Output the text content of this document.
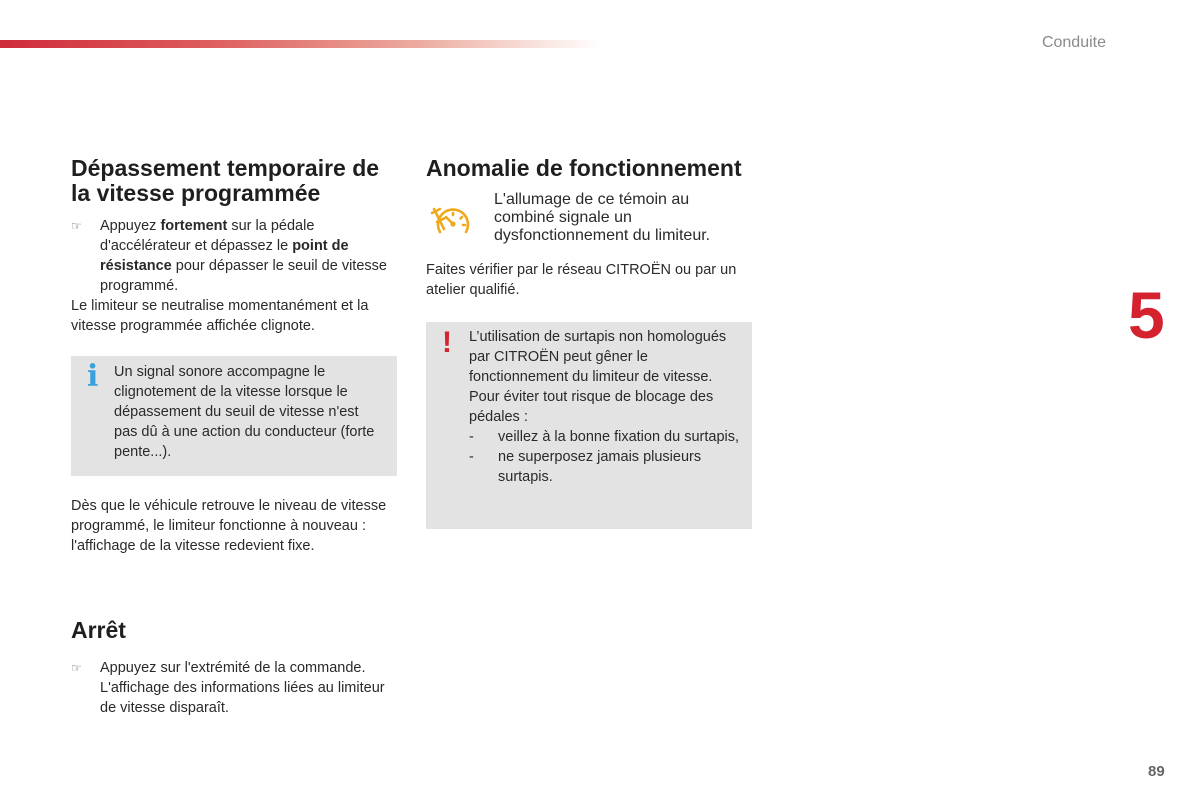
Conduite
5
89
Dépassement temporaire de la vitesse programmée
☞ Appuyez fortement sur la pédale d'accélérateur et dépassez le point de résistance pour dépasser le seuil de vitesse programmé.

Le limiteur se neutralise momentanément et la vitesse programmée affichée clignote.

i Un signal sonore accompagne le clignotement de la vitesse lorsque le dépassement du seuil de vitesse n'est pas dû à une action du conducteur (forte pente...).

Dès que le véhicule retrouve le niveau de vitesse programmé, le limiteur fonctionne à nouveau : l'affichage de la vitesse redevient fixe.

Arrêt
☞ Appuyez sur l'extrémité de la commande. L'affichage des informations liées au limiteur de vitesse disparaît.
Anomalie de fonctionnement
L'allumage de ce témoin au combiné signale un dysfonctionnement du limiteur.

Faites vérifier par le réseau CITROËN ou par un atelier qualifié.

! L’utilisation de surtapis non homologués par CITROËN peut gêner le fonctionnement du limiteur de vitesse.
Pour éviter tout risque de blocage des pédales :
- veillez à la bonne fixation du surtapis,
- ne superposez jamais plusieurs surtapis.
